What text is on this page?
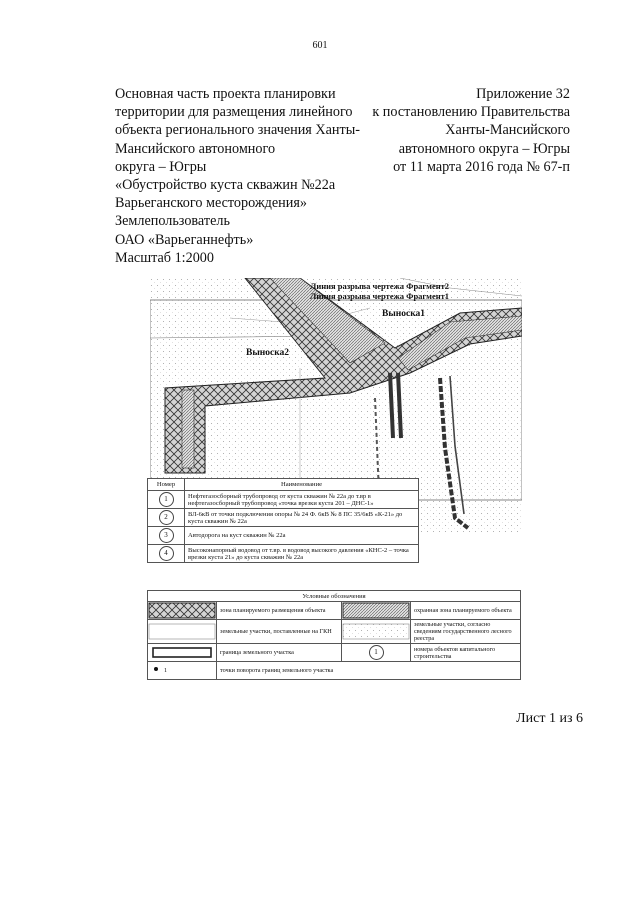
601
Основная часть проекта планировки
территории для размещения линейного
объекта регионального значения Ханты-
Мансийского автономного
округа – Югры
«Обустройство куста скважин №22а
Варьеганского месторождения»
Землепользователь
ОАО «Варьеганнефть»
Масштаб 1:2000
Приложение 32
к постановлению Правительства
Ханты-Мансийского
автономного округа – Югры
от 11 марта 2016 года № 67-п
Линия разрыва чертежа Фрагмент2
Линия разрыва чертежа Фрагмент1
Выноска1
Выноска2
Номер	Наименование
1	Нефтегазосборный трубопровод от куста скважин № 22а до т.вр в нефтегазосборный трубопровод «точка врезки куста 201 – ДНС-1»
2	ВЛ-6кВ от точки подключения опоры № 24 Ф. 6кВ № 8 ПС 35/6кВ «К-21» до куста скважин № 22а
3	Автодорога на куст скважин № 22а
4	Высоконапорный водовод от т.вр. в водовод высокого давления «КНС-2 – точка врезки куста 21» до куста скважин № 22а
Условные обозначения			

	зона планируемого размещения объекта		охранная зона планируемого объекта

	земельные участки, поставленные на ГКН		земельные участки, согласно сведениям государственного лесного реестра

	граница земельного участка	1	номера объектов капитального строительства
1	точки поворота границ земельного участка		
Лист 1 из 6
